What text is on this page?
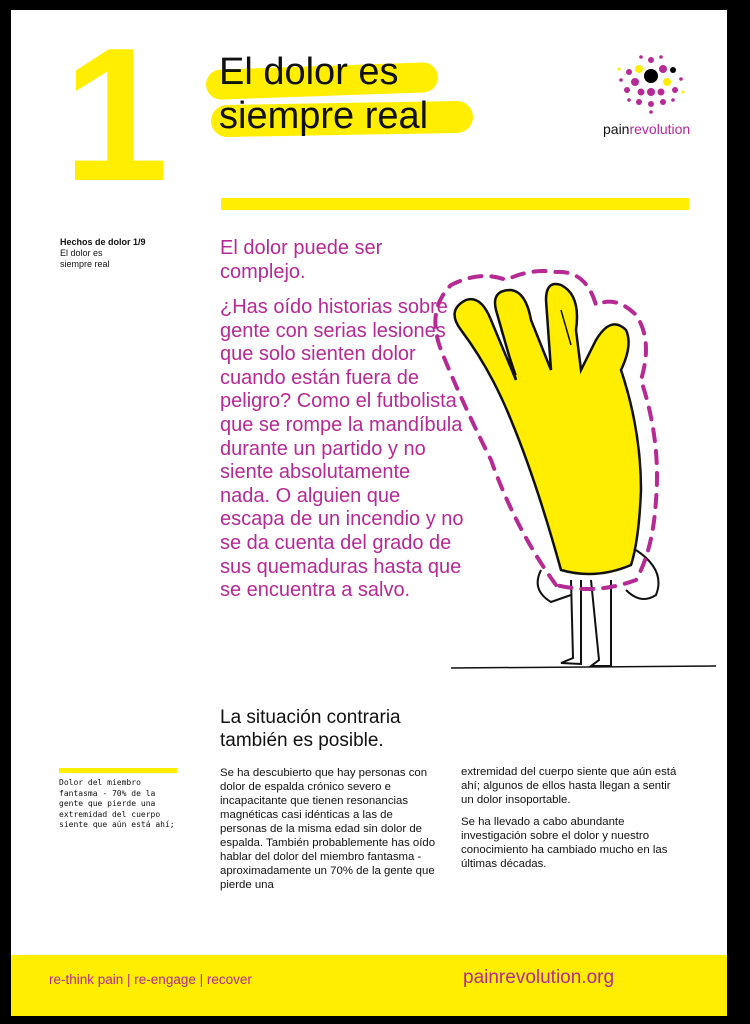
1 El dolor es
siempre real	painrevolution
Hechos de dolor 1/9
El dolor es
siempre real
El dolor puede ser complejo.
¿Has oído historias sobre gente con serias lesiones que solo sienten dolor cuando están fuera de peligro? Como el futbolista que se rompe la mandíbula durante un partido y no siente absolutamente nada. O alguien que escapa de un incendio y no se da cuenta del grado de sus quemaduras hasta que se encuentra a salvo.
La situación contraria también es posible.
Dolor del miembro fantasma - 70% de la gente que pierde una extremidad del cuerpo siente que aún está ahí;
Se ha descubierto que hay personas con dolor de espalda crónico severo e incapacitante que tienen resonancias magnéticas casi idénticas a las de personas de la misma edad sin dolor de espalda. También probablemente has oído hablar del dolor del miembro fantasma - aproximadamente un 70% de la gente que pierde una

extremidad del cuerpo siente que aún está ahí; algunos de ellos hasta llegan a sentir un dolor insoportable.

Se ha llevado a cabo abundante investigación sobre el dolor y nuestro conocimiento ha cambiado mucho en las últimas décadas.

re-think pain | re-engage | recover	painrevolution.org
